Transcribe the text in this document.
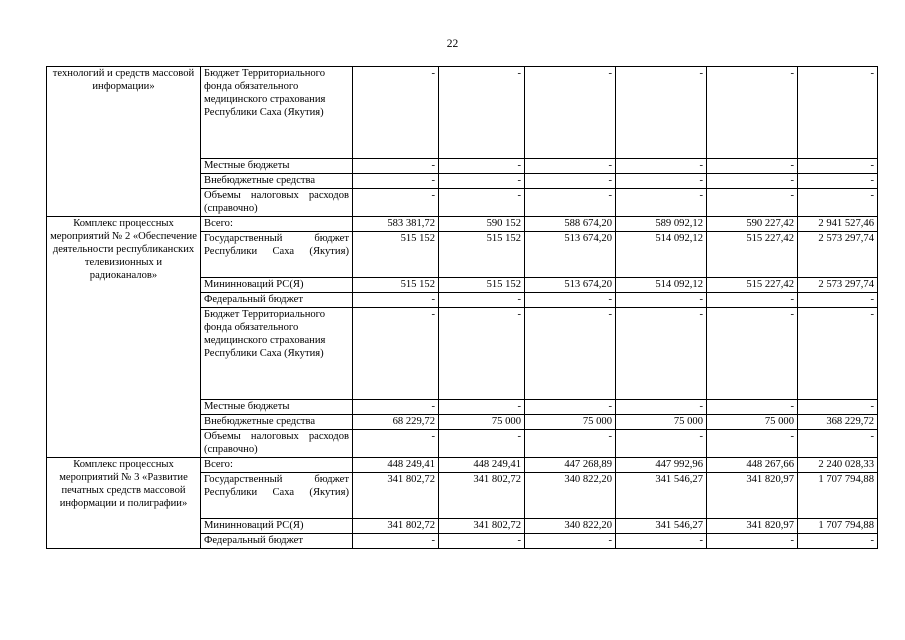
22
технологий и средств массовой информации»	Бюджет Территориального фонда обязательного медицинского страхования Республики Саха (Якутия)	-	-	-	-	-	-
	Местные бюджеты	-	-	-	-	-	-
	Внебюджетные средства	-	-	-	-	-	-
	Объемы налоговых расходов (справочно)	-	-	-	-	-	-
Комплекс процессных мероприятий № 2 «Обеспечение деятельности республиканских телевизионных и радиоканалов»	Всего:	583 381,72	590 152	588 674,20	589 092,12	590 227,42	2 941 527,46
	Государственный бюджет Республики Саха (Якутия)	515 152	515 152	513 674,20	514 092,12	515 227,42	2 573 297,74
	Мининноваций РС(Я)	515 152	515 152	513 674,20	514 092,12	515 227,42	2 573 297,74
	Федеральный бюджет	-	-	-	-	-	-
	Бюджет Территориального фонда обязательного медицинского страхования Республики Саха (Якутия)	-	-	-	-	-	-
	Местные бюджеты	-	-	-	-	-	-
	Внебюджетные средства	68 229,72	75 000	75 000	75 000	75 000	368 229,72
	Объемы налоговых расходов (справочно)	-	-	-	-	-	-
Комплекс процессных мероприятий № 3 «Развитие печатных средств массовой информации и полиграфии»	Всего:	448 249,41	448 249,41	447 268,89	447 992,96	448 267,66	2 240 028,33
	Государственный бюджет Республики Саха (Якутия)	341 802,72	341 802,72	340 822,20	341 546,27	341 820,97	1 707 794,88
	Мининноваций РС(Я)	341 802,72	341 802,72	340 822,20	341 546,27	341 820,97	1 707 794,88
	Федеральный бюджет	-	-	-	-	-	-
